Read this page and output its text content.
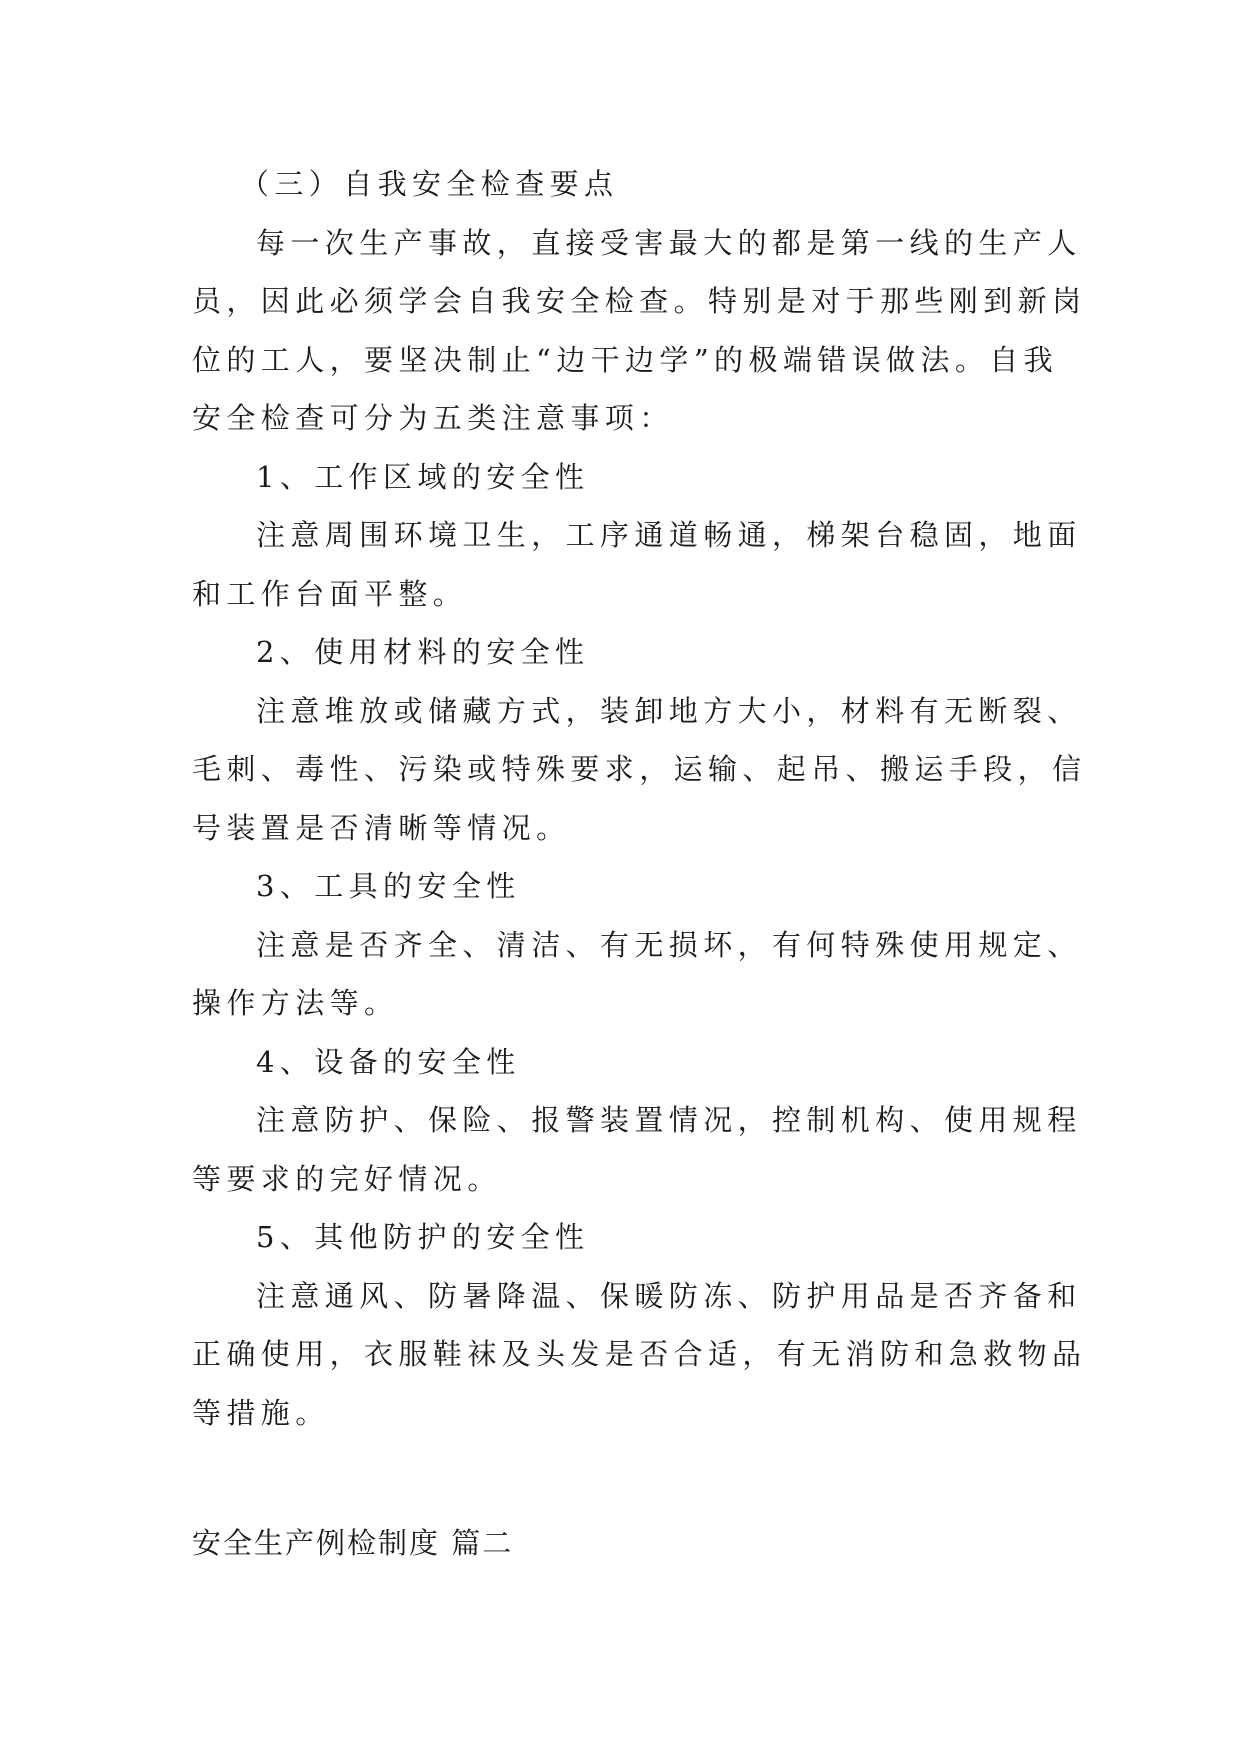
（三）自我安全检查要点
每一次生产事故，直接受害最大的都是第一线的生产人
员，因此必须学会自我安全检查。特别是对于那些刚到新岗
位的工人，要坚决制止“边干边学”的极端错误做法。自我
安全检查可分为五类注意事项：
1、工作区域的安全性
注意周围环境卫生，工序通道畅通，梯架台稳固，地面
和工作台面平整。
2、使用材料的安全性
注意堆放或储藏方式，装卸地方大小，材料有无断裂、
毛刺、毒性、污染或特殊要求，运输、起吊、搬运手段，信
号装置是否清晰等情况。
3、工具的安全性
注意是否齐全、清洁、有无损坏，有何特殊使用规定、
操作方法等。
4、设备的安全性
注意防护、保险、报警装置情况，控制机构、使用规程
等要求的完好情况。
5、其他防护的安全性
注意通风、防暑降温、保暖防冻、防护用品是否齐备和
正确使用，衣服鞋袜及头发是否合适，有无消防和急救物品
等措施。
安全生产例检制度 篇二
